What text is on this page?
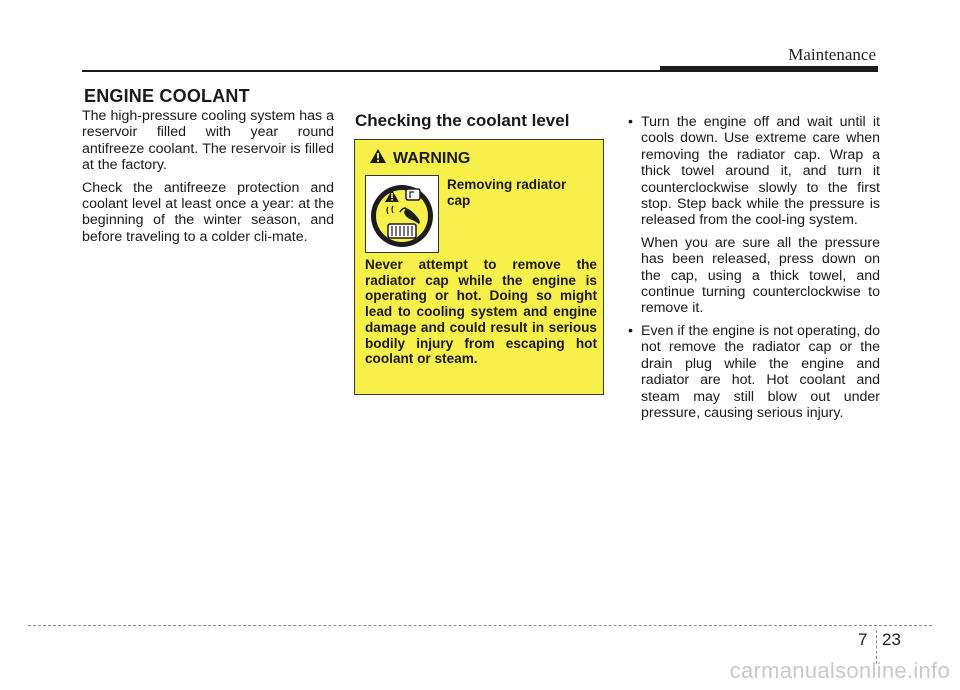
Maintenance
ENGINE COOLANT

The high-pressure cooling system has a reservoir filled with year round antifreeze coolant. The reservoir is filled at the factory.

Check the antifreeze protection and coolant level at least once a year: at the beginning of the winter season, and before traveling to a colder cli-mate.

Checking the coolant level
WARNING
Removing radiator cap
Never attempt to remove the radiator cap while the engine is operating or hot. Doing so might lead to cooling system and engine damage and could result in serious bodily injury from escaping hot coolant or steam.
• Turn the engine off and wait until it cools down. Use extreme care when removing the radiator cap. Wrap a thick towel around it, and turn it counterclockwise slowly to the first stop. Step back while the pressure is released from the cool-ing system.

When you are sure all the pressure has been released, press down on the cap, using a thick towel, and continue turning counterclockwise to remove it.

• Even if the engine is not operating, do not remove the radiator cap or the drain plug while the engine and radiator are hot. Hot coolant and steam may still blow out under pressure, causing serious injury.

7 23
carmanualsonline.info
